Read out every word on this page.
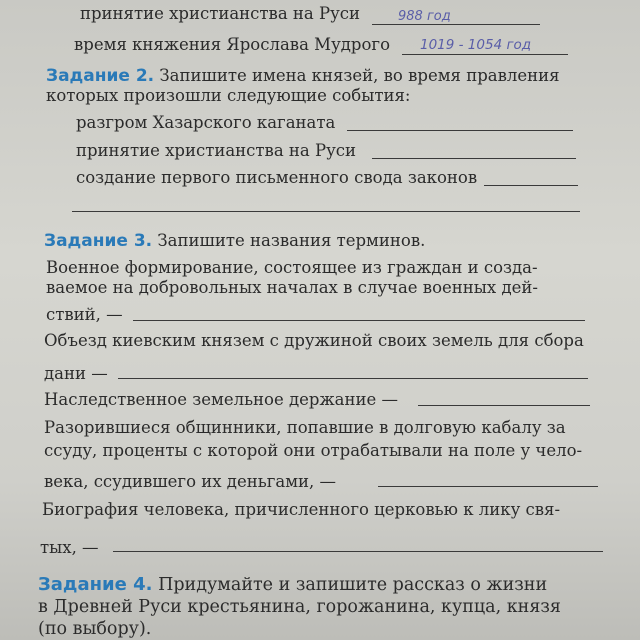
принятие христианства на Руси	988 год
время княжения Ярослава Мудрого 1019 - 1054 год
Задание 2. Запишите имена князей, во время правления
которых произошли следующие события:
разгром Хазарского каганата
принятие христианства на Руси
создание первого письменного свода законов
Задание 3. Запишите названия терминов.
Военное формирование, состоящее из граждан и созда-
ваемое на добровольных началах в случае военных дей-
ствий, —
Объезд киевским князем с дружиной своих земель для сбора
дани —
Наследственное земельное держание —
Разорившиеся общинники, попавшие в долговую кабалу за
ссуду, проценты с которой они отрабатывали на поле у чело-
века, ссудившего их деньгами, —
Биография человека, причисленного церковью к лику свя-
тых, —
Задание 4. Придумайте и запишите рассказ о жизни
в Древней Руси крестьянина, горожанина, купца, князя
(по выбору).
